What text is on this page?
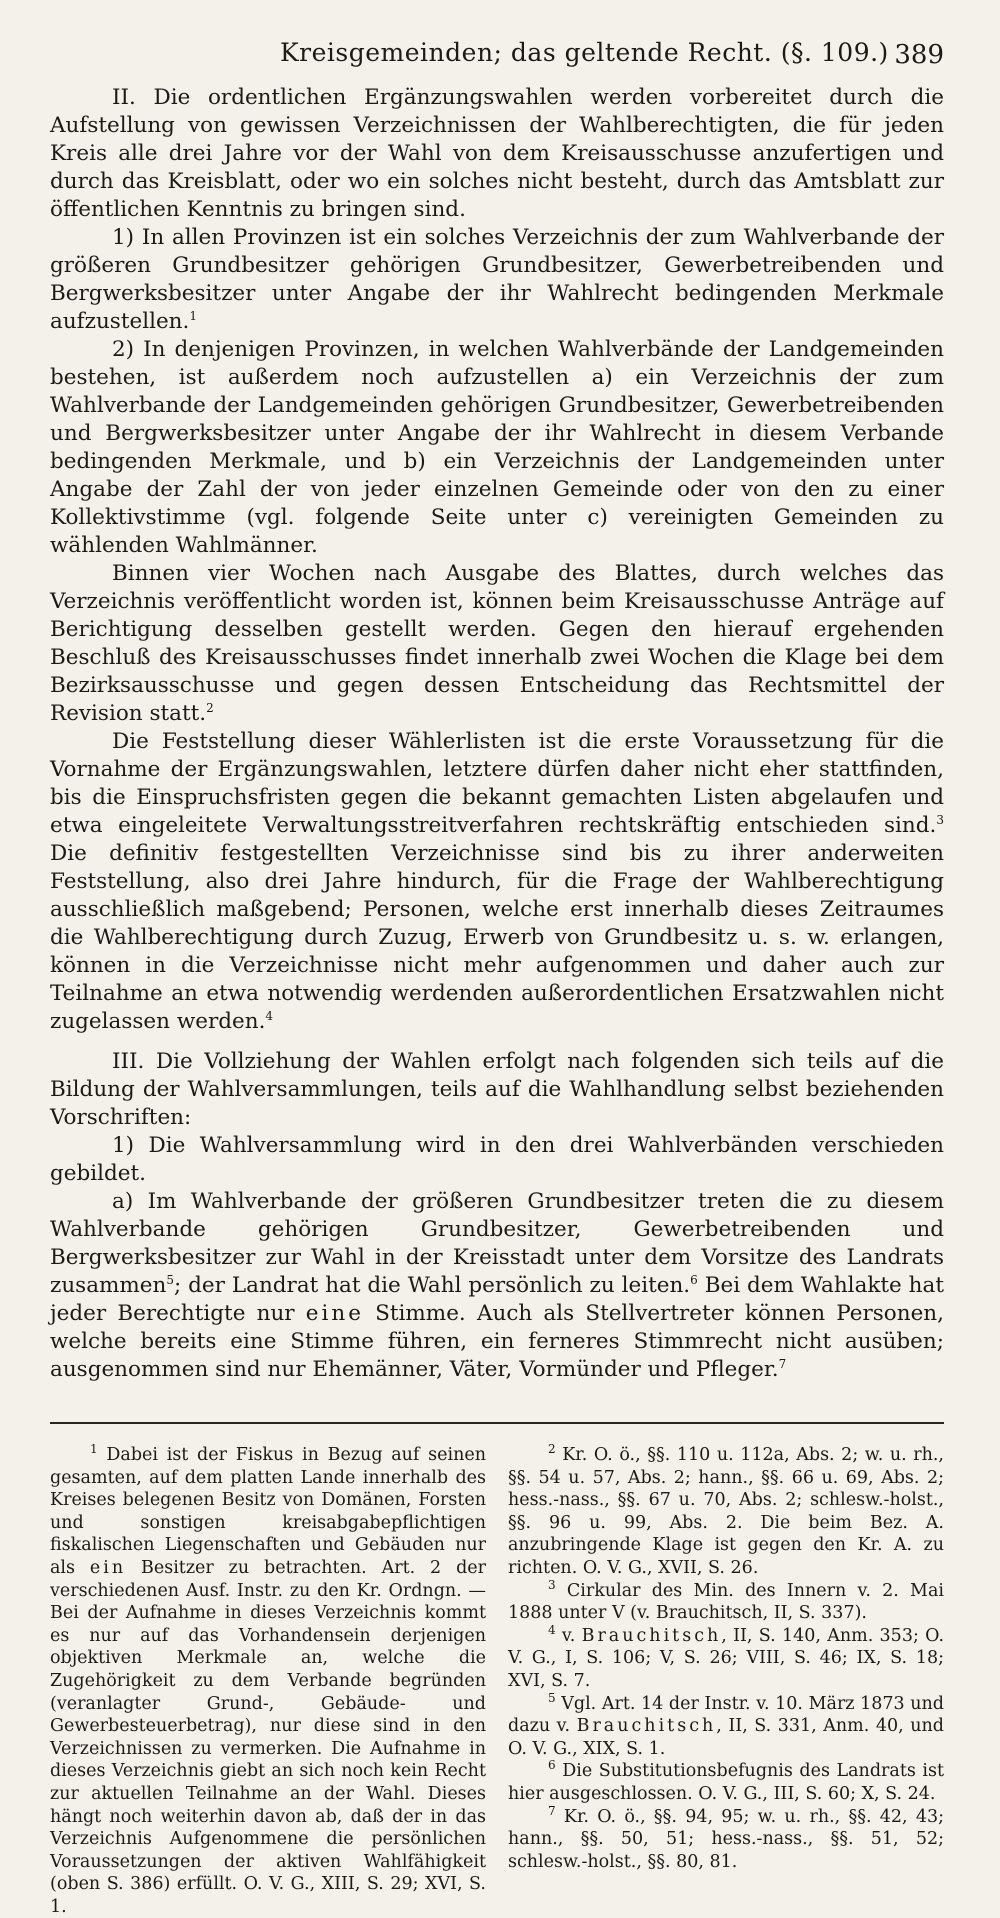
Kreisgemeinden; das geltende Recht. (§. 109.) 389

II. Die ordentlichen Ergänzungswahlen werden vorbereitet durch die Aufstellung von gewissen Verzeichnissen der Wahlberechtigten, die für jeden Kreis alle drei Jahre vor der Wahl von dem Kreisausschusse anzufertigen und durch das Kreisblatt, oder wo ein solches nicht besteht, durch das Amtsblatt zur öffentlichen Kenntnis zu bringen sind.

1) In allen Provinzen ist ein solches Verzeichnis der zum Wahlverbande der größeren Grundbesitzer gehörigen Grundbesitzer, Gewerbetreibenden und Bergwerksbesitzer unter Angabe der ihr Wahlrecht bedingenden Merkmale aufzustellen.$^1$

2) In denjenigen Provinzen, in welchen Wahlverbände der Landgemeinden bestehen, ist außerdem noch aufzustellen a) ein Verzeichnis der zum Wahlverbande der Landgemeinden gehörigen Grundbesitzer, Gewerbetreibenden und Bergwerksbesitzer unter Angabe der ihr Wahlrecht in diesem Verbande bedingenden Merkmale, und b) ein Verzeichnis der Landgemeinden unter Angabe der Zahl der von jeder einzelnen Gemeinde oder von den zu einer Kollektivstimme (vgl. folgende Seite unter c) vereinigten Gemeinden zu wählenden Wahlmänner.

Binnen vier Wochen nach Ausgabe des Blattes, durch welches das Verzeichnis veröffentlicht worden ist, können beim Kreisausschusse Anträge auf Berichtigung desselben gestellt werden. Gegen den hierauf ergehenden Beschluß des Kreisausschusses findet innerhalb zwei Wochen die Klage bei dem Bezirksausschusse und gegen dessen Entscheidung das Rechtsmittel der Revision statt.$^2$

Die Feststellung dieser Wählerlisten ist die erste Voraussetzung für die Vornahme der Ergänzungswahlen, letztere dürfen daher nicht eher stattfinden, bis die Einspruchsfristen gegen die bekannt gemachten Listen abgelaufen und etwa eingeleitete Verwaltungsstreitverfahren rechtskräftig entschieden sind.$^3$ Die definitiv festgestellten Verzeichnisse sind bis zu ihrer anderweiten Feststellung, also drei Jahre hindurch, für die Frage der Wahlberechtigung ausschließlich maßgebend; Personen, welche erst innerhalb dieses Zeitraumes die Wahlberechtigung durch Zuzug, Erwerb von Grundbesitz u. s. w. erlangen, können in die Verzeichnisse nicht mehr aufgenommen und daher auch zur Teilnahme an etwa notwendig werdenden außerordentlichen Ersatzwahlen nicht zugelassen werden.$^4$

III. Die Vollziehung der Wahlen erfolgt nach folgenden sich teils auf die Bildung der Wahlversammlungen, teils auf die Wahlhandlung selbst beziehenden Vorschriften:

1) Die Wahlversammlung wird in den drei Wahlverbänden verschieden gebildet.

a) Im Wahlverbande der größeren Grundbesitzer treten die zu diesem Wahlverbande gehörigen Grundbesitzer, Gewerbetreibenden und Bergwerksbesitzer zur Wahl in der Kreisstadt unter dem Vorsitze des Landrats zusammen$^5$; der Landrat hat die Wahl persönlich zu leiten.$^6$ Bei dem Wahlakte hat jeder Berechtigte nur eine Stimme. Auch als Stellvertreter können Personen, welche bereits eine Stimme führen, ein ferneres Stimmrecht nicht ausüben; ausgenommen sind nur Ehemänner, Väter, Vormünder und Pfleger.$^7$

$^1$ Dabei ist der Fiskus in Bezug auf seinen gesamten, auf dem platten Lande innerhalb des Kreises belegenen Besitz von Domänen, Forsten und sonstigen kreisabgabepflichtigen fiskalischen Liegenschaften und Gebäuden nur als ein Besitzer zu betrachten. Art. 2 der verschiedenen Ausf. Instr. zu den Kr. Ordngn. — Bei der Aufnahme in dieses Verzeichnis kommt es nur auf das Vorhandensein derjenigen objektiven Merkmale an, welche die Zugehörigkeit zu dem Verbande begründen (veranlagter Grund-, Gebäude- und Gewerbesteuerbetrag), nur diese sind in den Verzeichnissen zu vermerken. Die Aufnahme in dieses Verzeichnis giebt an sich noch kein Recht zur aktuellen Teilnahme an der Wahl. Dieses hängt noch weiterhin davon ab, daß der in das Verzeichnis Aufgenommene die persönlichen Voraussetzungen der aktiven Wahlfähigkeit (oben S. 386) erfüllt. O. V. G., XIII, S. 29; XVI, S. 1.

$^2$ Kr. O. ö., §§. 110 u. 112a, Abs. 2; w. u. rh., §§. 54 u. 57, Abs. 2; hann., §§. 66 u. 69, Abs. 2; hess.-nass., §§. 67 u. 70, Abs. 2; schlesw.-holst., §§. 96 u. 99, Abs. 2. Die beim Bez. A. anzubringende Klage ist gegen den Kr. A. zu richten. O. V. G., XVII, S. 26.

$^3$ Cirkular des Min. des Innern v. 2. Mai 1888 unter V (v. Brauchitsch, II, S. 337).

$^4$ v. Brauchitsch, II, S. 140, Anm. 353; O. V. G., I, S. 106; V, S. 26; VIII, S. 46; IX, S. 18; XVI, S. 7.

$^5$ Vgl. Art. 14 der Instr. v. 10. März 1873 und dazu v. Brauchitsch, II, S. 331, Anm. 40, und O. V. G., XIX, S. 1.

$^6$ Die Substitutionsbefugnis des Landrats ist hier ausgeschlossen. O. V. G., III, S. 60; X, S. 24.

$^7$ Kr. O. ö., §§. 94, 95; w. u. rh., §§. 42, 43; hann., §§. 50, 51; hess.-nass., §§. 51, 52; schlesw.-holst., §§. 80, 81.
